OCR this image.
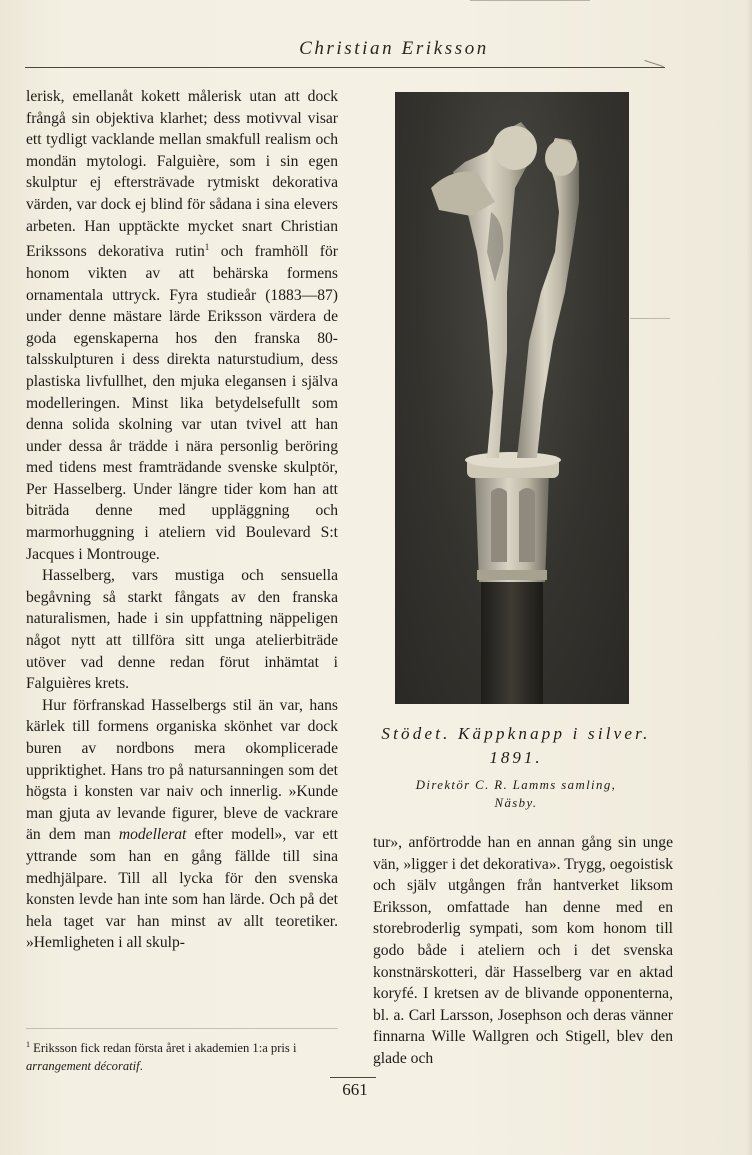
Christian Eriksson

lerisk, emellanåt kokett målerisk utan att dock frångå sin objektiva klarhet; dess motivval visar ett tydligt vacklande mellan smakfull realism och mondän mytologi. Falguière, som i sin egen skulptur ej eftersträvade rytmiskt dekorativa värden, var dock ej blind för sådana i sina elevers arbeten. Han upptäckte mycket snart Christian Erikssons dekorativa rutin$^1$ och framhöll för honom vikten av att behärska formens ornamentala uttryck. Fyra studieår (1883—87) under denne mästare lärde Eriksson värdera de goda egenskaperna hos den franska 80-talsskulpturen i dess direkta naturstudium, dess plastiska livfullhet, den mjuka elegansen i själva modelleringen. Minst lika betydelsefullt som denna solida skolning var utan tvivel att han under dessa år trädde i nära personlig beröring med tidens mest framträdande svenske skulptör, Per Hasselberg. Under längre tider kom han att biträda denne med uppläggning och marmorhuggning i ateliern vid Boulevard S:t Jacques i Montrouge.

Hasselberg, vars mustiga och sensuella begåvning så starkt fångats av den franska naturalismen, hade i sin uppfattning näppeligen något nytt att tillföra sitt unga atelierbiträde utöver vad denne redan förut inhämtat i Falguières krets.

Hur förfranskad Hasselbergs stil än var, hans kärlek till formens organiska skönhet var dock buren av nordbons mera okomplicerade uppriktighet. Hans tro på natursanningen som det högsta i konsten var naiv och innerlig. »Kunde man gjuta av levande figurer, bleve de vackrare än dem man modellerat efter modell», var ett yttrande som han en gång fällde till sina medhjälpare. Till all lycka för den svenska konsten levde han inte som han lärde. Och på det hela taget var han minst av allt teoretiker. »Hemligheten i all skulp-

$^1$ Eriksson fick redan första året i akademien 1:a pris i arrangement décoratif.
Stödet. Käppknapp i silver.
1891.
Direktör C. R. Lamms samling,
Näsby.

tur», anförtrodde han en annan gång sin unge vän, »ligger i det dekorativa». Trygg, oegoistisk och själv utgången från hantverket liksom Eriksson, omfattade han denne med en storebroderlig sympati, som kom honom till godo både i ateliern och i det svenska konstnärskotteri, där Hasselberg var en aktad koryfé. I kretsen av de blivande opponenterna, bl. a. Carl Larsson, Josephson och deras vänner finnarna Wille Wallgren och Stigell, blev den glade och

661
